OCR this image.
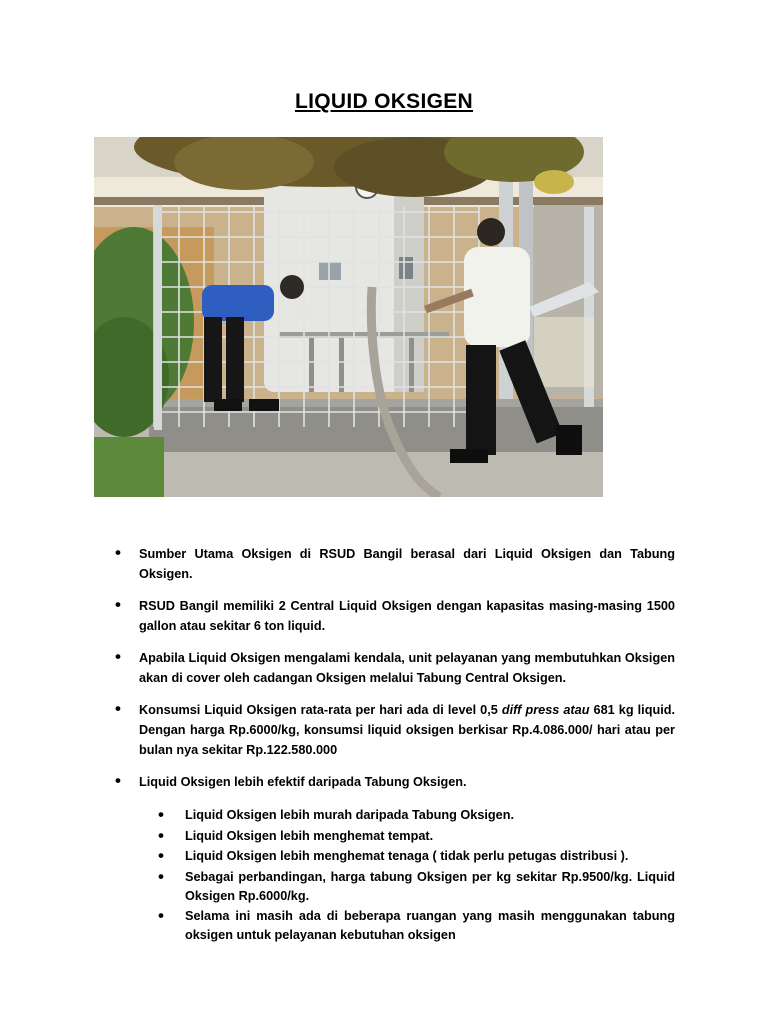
LIQUID OKSIGEN
• Sumber Utama Oksigen di RSUD Bangil berasal dari Liquid Oksigen dan Tabung Oksigen.
• RSUD Bangil memiliki 2 Central Liquid Oksigen dengan kapasitas masing-masing 1500 gallon atau sekitar 6 ton liquid.
• Apabila Liquid Oksigen mengalami kendala, unit pelayanan yang membutuhkan Oksigen akan di cover oleh cadangan Oksigen melalui Tabung Central Oksigen.
• Konsumsi Liquid Oksigen rata-rata per hari ada di level 0,5 diff press atau 681 kg liquid. Dengan harga Rp.6000/kg, konsumsi liquid oksigen berkisar Rp.4.086.000/ hari atau per bulan nya sekitar Rp.122.580.000
• Liquid Oksigen lebih efektif daripada Tabung Oksigen.
• Liquid Oksigen lebih murah daripada Tabung Oksigen.
• Liquid Oksigen lebih menghemat tempat.
• Liquid Oksigen lebih menghemat tenaga ( tidak perlu petugas distribusi ).
• Sebagai perbandingan, harga tabung Oksigen per kg sekitar Rp.9500/kg. Liquid Oksigen Rp.6000/kg.
• Selama ini masih ada di beberapa ruangan yang masih menggunakan tabung oksigen untuk pelayanan kebutuhan oksigen
